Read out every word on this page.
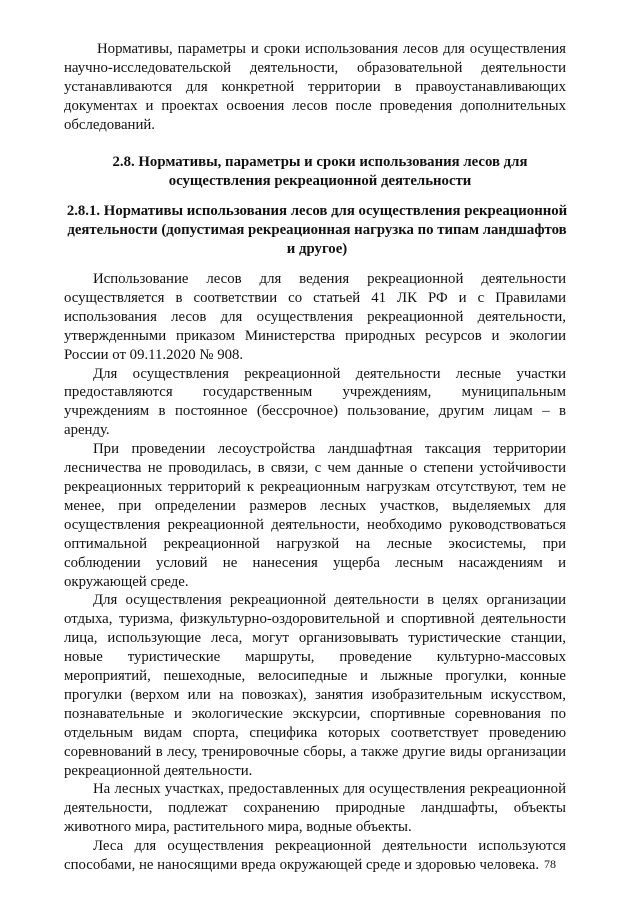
Нормативы, параметры и сроки использования лесов для осуществления научно-исследовательской деятельности, образовательной деятельности устанавливаются для конкретной территории в правоустанавливающих документах и проектах освоения лесов после проведения дополнительных обследований.

2.8. Нормативы, параметры и сроки использования лесов для осуществления рекреационной деятельности
2.8.1. Нормативы использования лесов для осуществления рекреационной деятельности (допустимая рекреационная нагрузка по типам ландшафтов и другое)

Использование лесов для ведения рекреационной деятельности осуществляется в соответствии со статьей 41 ЛК РФ и с Правилами использования лесов для осуществления рекреационной деятельности, утвержденными приказом Министерства природных ресурсов и экологии России от 09.11.2020 № 908.

Для осуществления рекреационной деятельности лесные участки предоставляются государственным учреждениям, муниципальным учреждениям в постоянное (бессрочное) пользование, другим лицам – в аренду.

При проведении лесоустройства ландшафтная таксация территории лесничества не проводилась, в связи, с чем данные о степени устойчивости рекреационных территорий к рекреационным нагрузкам отсутствуют, тем не менее, при определении размеров лесных участков, выделяемых для осуществления рекреационной деятельности, необходимо руководствоваться оптимальной рекреационной нагрузкой на лесные экосистемы, при соблюдении условий не нанесения ущерба лесным насаждениям и окружающей среде.

Для осуществления рекреационной деятельности в целях организации отдыха, туризма, физкультурно-оздоровительной и спортивной деятельности лица, использующие леса, могут организовывать туристические станции, новые туристические маршруты, проведение культурно-массовых мероприятий, пешеходные, велосипедные и лыжные прогулки, конные прогулки (верхом или на повозках), занятия изобразительным искусством, познавательные и экологические экскурсии, спортивные соревнования по отдельным видам спорта, специфика которых соответствует проведению соревнований в лесу, тренировочные сборы, а также другие виды организации рекреационной деятельности.

На лесных участках, предоставленных для осуществления рекреационной деятельности, подлежат сохранению природные ландшафты, объекты животного мира, растительного мира, водные объекты.

Леса для осуществления рекреационной деятельности используются способами, не наносящими вреда окружающей среде и здоровью человека. 78
